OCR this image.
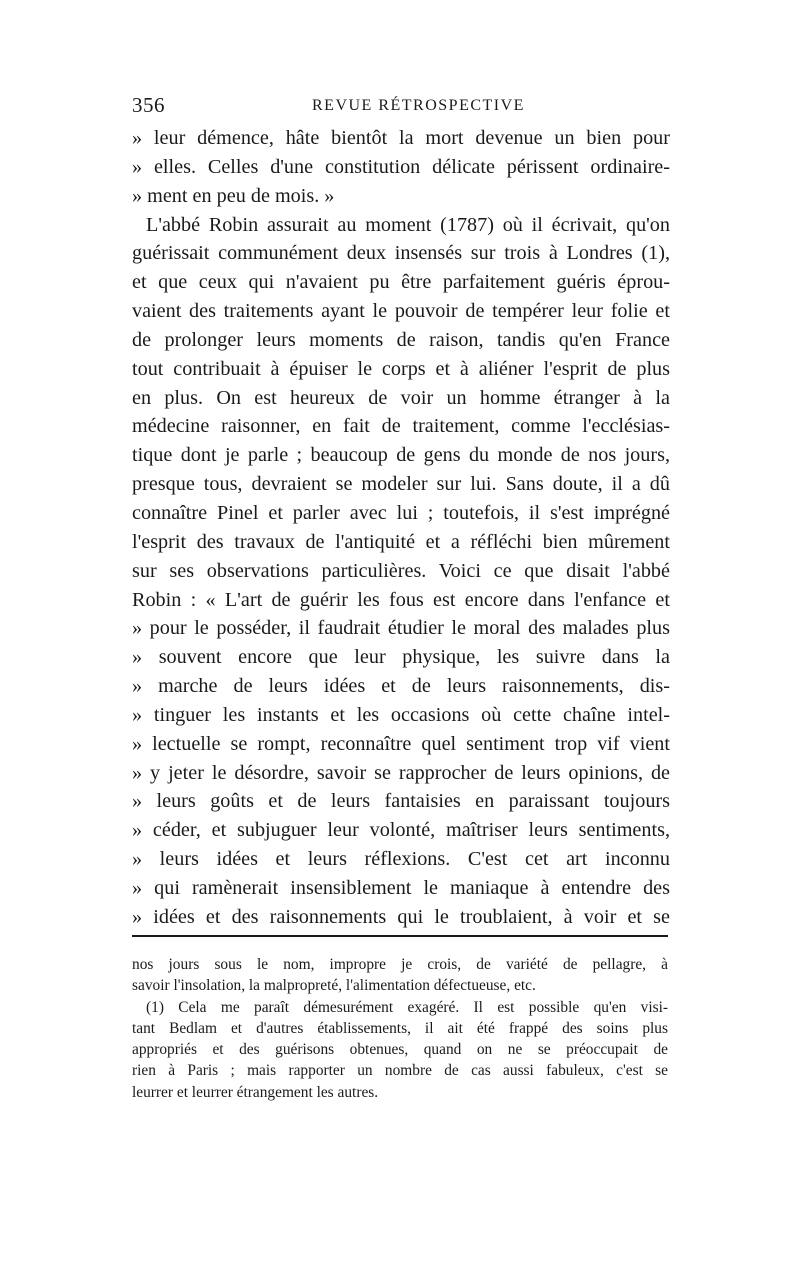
356	REVUE RÉTROSPECTIVE
» leur démence, hâte bientôt la mort devenue un bien pour
» elles. Celles d'une constitution délicate périssent ordinaire-
» ment en peu de mois. »
L'abbé Robin assurait au moment (1787) où il écrivait, qu'on
guérissait communément deux insensés sur trois à Londres (1),
et que ceux qui n'avaient pu être parfaitement guéris éprou-
vaient des traitements ayant le pouvoir de tempérer leur folie et
de prolonger leurs moments de raison, tandis qu'en France
tout contribuait à épuiser le corps et à aliéner l'esprit de plus
en plus. On est heureux de voir un homme étranger à la
médecine raisonner, en fait de traitement, comme l'ecclésias-
tique dont je parle ; beaucoup de gens du monde de nos jours,
presque tous, devraient se modeler sur lui. Sans doute, il a dû
connaître Pinel et parler avec lui ; toutefois, il s'est imprégné
l'esprit des travaux de l'antiquité et a réfléchi bien mûrement
sur ses observations particulières. Voici ce que disait l'abbé
Robin : « L'art de guérir les fous est encore dans l'enfance et
» pour le posséder, il faudrait étudier le moral des malades plus
» souvent encore que leur physique, les suivre dans la
» marche de leurs idées et de leurs raisonnements, dis-
» tinguer les instants et les occasions où cette chaîne intel-
» lectuelle se rompt, reconnaître quel sentiment trop vif vient
» y jeter le désordre, savoir se rapprocher de leurs opinions, de
» leurs goûts et de leurs fantaisies en paraissant toujours
» céder, et subjuguer leur volonté, maîtriser leurs sentiments,
» leurs idées et leurs réflexions. C'est cet art inconnu
» qui ramènerait insensiblement le maniaque à entendre des
» idées et des raisonnements qui le troublaient, à voir et se
nos jours sous le nom, impropre je crois, de variété de pellagre, à
savoir l'insolation, la malpropreté, l'alimentation défectueuse, etc.
(1) Cela me paraît démesurément exagéré. Il est possible qu'en visi-
tant Bedlam et d'autres établissements, il ait été frappé des soins plus
appropriés et des guérisons obtenues, quand on ne se préoccupait de
rien à Paris ; mais rapporter un nombre de cas aussi fabuleux, c'est se
leurrer et leurrer étrangement les autres.
